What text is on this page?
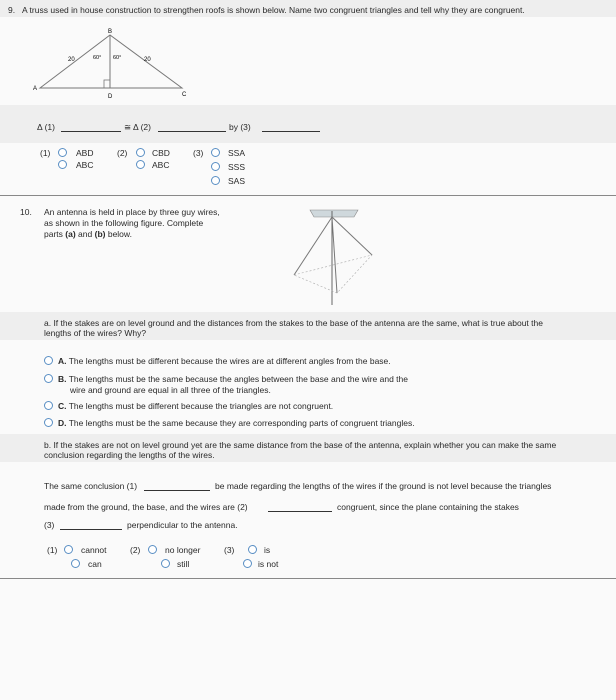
9. A truss used in house construction to strengthen roofs is shown below. Name two congruent triangles and tell why they are congruent.
B
A
C
D
20	20
60° 60°
Δ (1)	≅ Δ (2)	by (3)
(1)	ABD
ABC
(2)	CBD
ABC
(3)	SSA
SSS
SAS
10. An antenna is held in place by three guy wires,
as shown in the following figure. Complete
parts (a) and (b) below.
a. If the stakes are on level ground and the distances from the stakes to the base of the antenna are the same, what is true about the
lengths of the wires? Why?
A. The lengths must be different because the wires are at different angles from the base.
B. The lengths must be the same because the angles between the base and the wire and the
wire and ground are equal in all three of the triangles.
C. The lengths must be different because the triangles are not congruent.
D. The lengths must be the same because they are corresponding parts of congruent triangles.
b. If the stakes are not on level ground yet are the same distance from the base of the antenna, explain whether you can make the same
conclusion regarding the lengths of the wires.
The same conclusion (1)	be made regarding the lengths of the wires if the ground is not level because the triangles
made from the ground, the base, and the wires are (2)	congruent, since the plane containing the stakes
(3)	perpendicular to the antenna.
(1)	cannot
can
(2)	no longer
still
(3)	is
is not
